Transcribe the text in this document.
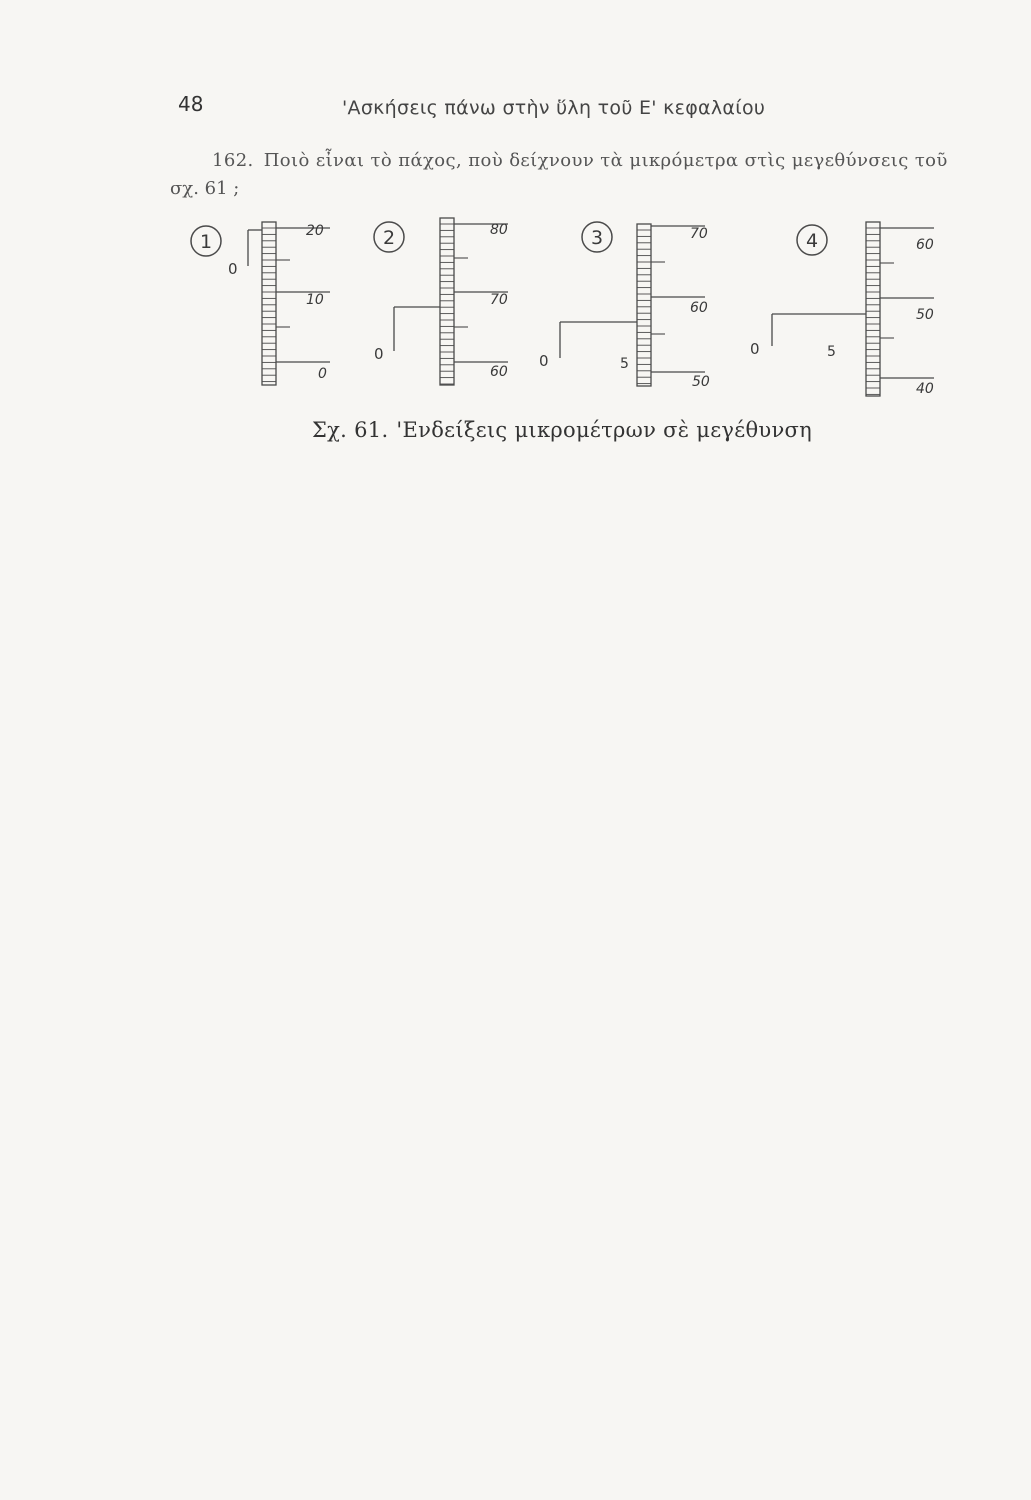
48	'Ασκήσεις πάνω στὴν ὕλη τοῦ Ε' κεφαλαίου
162. Ποιὸ εἶναι τὸ πάχος, ποὺ δείχνουν τὰ μικρόμετρα στὶς μεγεθύνσεις τοῦ
σχ. 61 ;
1	20
10
0
0
2	80
70
60
0
3	70
60
50
0	5
4	60
50
40
0	5
Σχ. 61. 'Ενδείξεις μικρομέτρων σὲ μεγέθυνση
